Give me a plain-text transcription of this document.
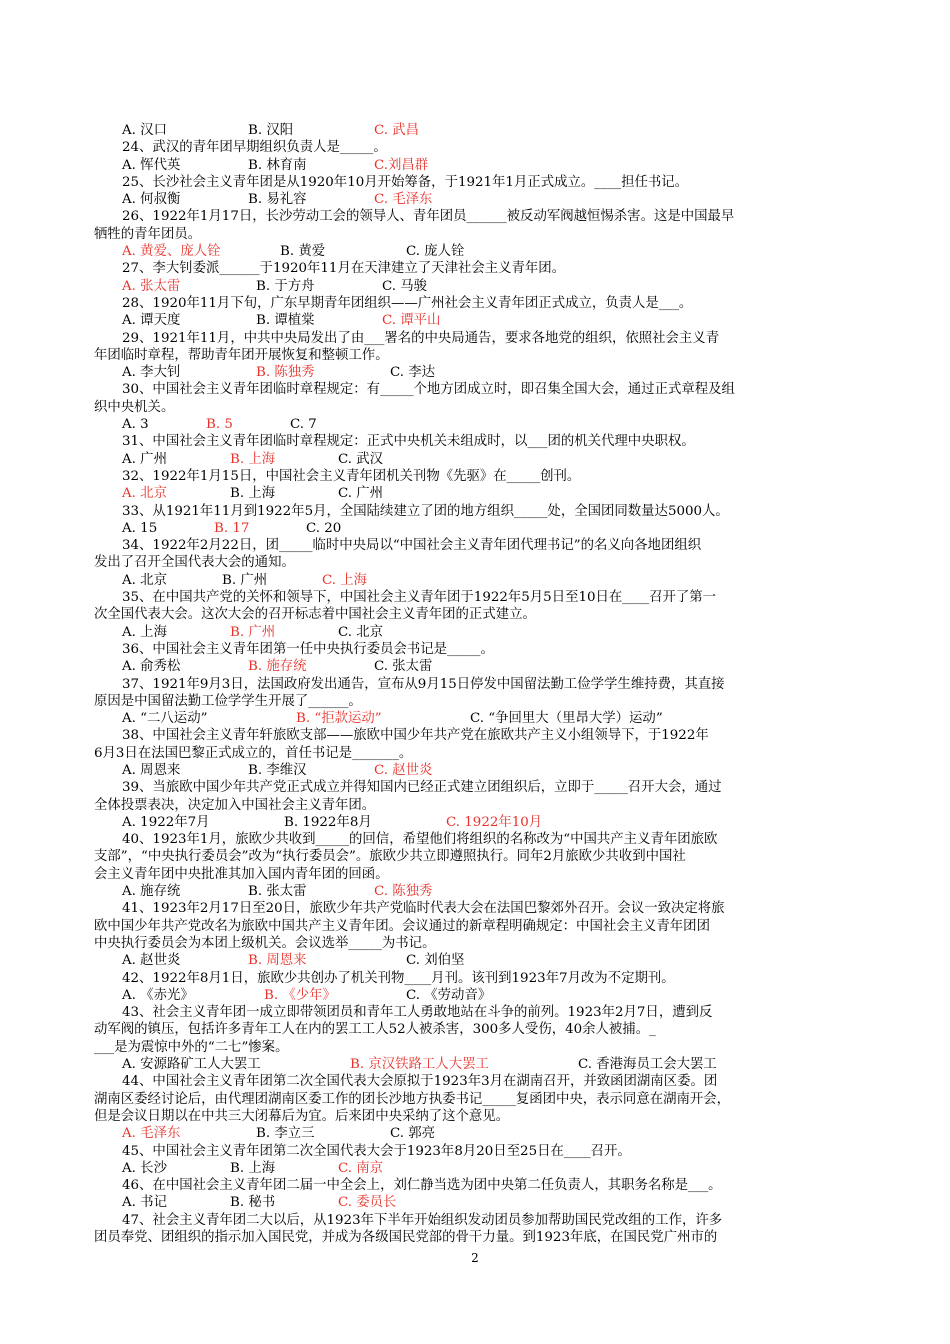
A. 汉口	B. 汉阳	C. 武昌
24、武汉的青年团早期组织负责人是_____。
A. 恽代英	B. 林育南	C.刘昌群
25、长沙社会主义青年团是从1920年10月开始筹备，于1921年1月正式成立。____担任书记。
A. 何叔衡	B. 易礼容	C. 毛泽东
26、1922年1月17日，长沙劳动工会的领导人、青年团员______被反动军阀越恒惕杀害。这是中国最早
牺牲的青年团员。
A. 黄爱、庞人铨	B. 黄爱	C. 庞人铨
27、李大钊委派______于1920年11月在天津建立了天津社会主义青年团。
A. 张太雷	B. 于方舟	C. 马骏
28、1920年11月下旬，广东早期青年团组织——广州社会主义青年团正式成立，负责人是___。
A. 谭天度	B. 谭植棠	C. 谭平山
29、1921年11月，中共中央局发出了由___署名的中央局通告，要求各地党的组织，依照社会主义青
年团临时章程，帮助青年团开展恢复和整顿工作。
A. 李大钊	B. 陈独秀	C. 李达
30、中国社会主义青年团临时章程规定：有_____个地方团成立时，即召集全国大会，通过正式章程及组
织中央机关。
A. 3	B. 5	C. 7
31、中国社会主义青年团临时章程规定：正式中央机关未组成时，以___团的机关代理中央职权。
A. 广州	B. 上海	C. 武汉
32、1922年1月15日，中国社会主义青年团机关刊物《先驱》在_____创刊。
A. 北京	B. 上海	C. 广州
33、从1921年11月到1922年5月，全国陆续建立了团的地方组织_____处，全国团同数量达5000人。
A. 15	B. 17	C. 20
34、1922年2月22日，团_____临时中央局以“中国社会主义青年团代理书记”的名义向各地团组织
发出了召开全国代表大会的通知。
A. 北京	B. 广州	C. 上海
35、在中国共产党的关怀和领导下，中国社会主义青年团于1922年5月5日至10日在____召开了第一
次全国代表大会。这次大会的召开标志着中国社会主义青年团的正式建立。
A. 上海	B. 广州	C. 北京
36、中国社会主义青年团第一任中央执行委员会书记是_____。
A. 俞秀松	B. 施存统	C. 张太雷
37、1921年9月3日，法国政府发出通告，宣布从9月15日停发中国留法勤工俭学学生维持费，其直接
原因是中国留法勤工俭学学生开展了______。
A. “二八运动”	B. “拒款运动”	C. “争回里大（里昂大学）运动”
38、中国社会主义青年轩旅欧支部——旅欧中国少年共产党在旅欧共产主义小组领导下，于1922年
6月3日在法国巴黎正式成立的，首任书记是_______。
A. 周恩来	B. 李维汉	C. 赵世炎
39、当旅欧中国少年共产党正式成立并得知国内已经正式建立团组织后，立即于_____召开大会，通过
全体投票表决，决定加入中国社会主义青年团。
A. 1922年7月	B. 1922年8月	C. 1922年10月
40、1923年1月，旅欧少共收到_____的回信，希望他们将组织的名称改为“中国共产主义青年团旅欧
支部”，“中央执行委员会”改为“执行委员会”。旅欧少共立即遵照执行。同年2月旅欧少共收到中国社
会主义青年团中央批准其加入国内青年团的回函。
A. 施存统	B. 张太雷	C. 陈独秀
41、1923年2月17日至20日，旅欧少年共产党临时代表大会在法国巴黎郊外召开。会议一致决定将旅
欧中国少年共产党改名为旅欧中国共产主义青年团。会议通过的新章程明确规定：中国社会主义青年团团
中央执行委员会为本团上级机关。会议选举_____为书记。
A. 赵世炎	B. 周恩来	C. 刘伯坚
42、1922年8月1日，旅欧少共创办了机关刊物____月刊。该刊到1923年7月改为不定期刊。
A. 《赤光》	B. 《少年》	C. 《劳动音》
43、社会主义青年团一成立即带领团员和青年工人勇敢地站在斗争的前列。1923年2月7日，遭到反
动军阀的镇压，包括许多青年工人在内的罢工工人52人被杀害，300多人受伤，40余人被捕。_
___是为震惊中外的“二七”惨案。
A. 安源路矿工人大罢工	B. 京汉铁路工人大罢工	C. 香港海员工会大罢工
44、中国社会主义青年团第二次全国代表大会原拟于1923年3月在湖南召开，并致函团湖南区委。团
湖南区委经讨论后，由代理团湖南区委工作的团长沙地方执委书记_____复函团中央，表示同意在湖南开会，
但是会议日期以在中共三大闭幕后为宜。后来团中央采纳了这个意见。
A. 毛泽东	B. 李立三	C. 郭亮
45、中国社会主义青年团第二次全国代表大会于1923年8月20日至25日在____召开。
A. 长沙	B. 上海	C. 南京
46、在中国社会主义青年团二届一中全会上，刘仁静当选为团中央第二任负责人，其职务名称是___。
A. 书记	B. 秘书	C. 委员长
47、社会主义青年团二大以后，从1923年下半年开始组织发动团员参加帮助国民党改组的工作，许多
团员奉党、团组织的指示加入国民党，并成为各级国民党部的骨干力量。到1923年底，在国民党广州市的
2
